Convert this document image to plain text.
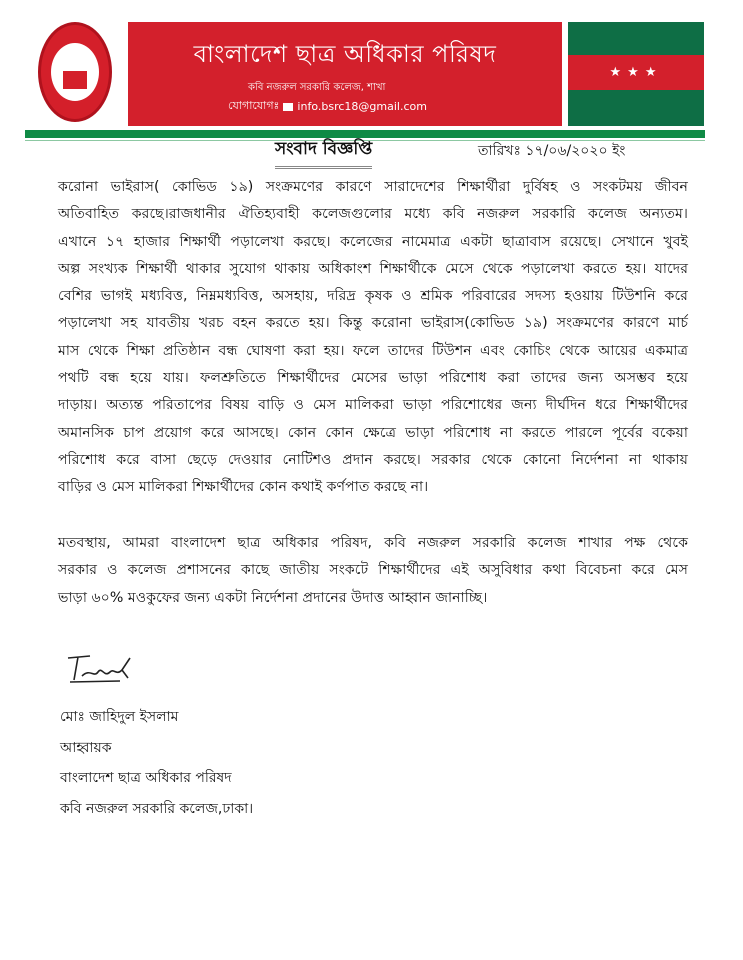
বাংলাদেশ ছাত্র অধিকার পরিষদ
কবি নজরুল সরকারি কলেজ, শাখা
যোগাযোগঃ info.bsrc18@gmail.com
★★★
সংবাদ বিজ্ঞপ্তি	তারিখঃ ১৭/০৬/২০২০ ইং
করোনা ভাইরাস( কোভিড ১৯) সংক্রমণের কারণে সারাদেশের শিক্ষার্থীরা দুর্বিষহ ও সংকটময় জীবন
অতিবাহিত করছে।রাজধানীর ঐতিহ্যবাহী কলেজগুলোর মধ্যে কবি নজরুল সরকারি কলেজ অন্যতম।
এখানে ১৭ হাজার শিক্ষার্থী পড়ালেখা করছে। কলেজের নামেমাত্র একটা ছাত্রাবাস রয়েছে। সেখানে খুবই
অল্প সংখ্যক শিক্ষার্থী থাকার সুযোগ থাকায় অধিকাংশ শিক্ষার্থীকে মেসে থেকে পড়ালেখা করতে হয়। যাদের
বেশির ভাগই মধ্যবিত্ত, নিম্নমধ্যবিত্ত, অসহায়, দরিদ্র কৃষক ও শ্রমিক পরিবারের সদস্য হওয়ায় টিউশনি করে
পড়ালেখা সহ যাবতীয় খরচ বহন করতে হয়। কিন্তু করোনা ভাইরাস(কোভিড ১৯) সংক্রমণের কারণে মার্চ
মাস থেকে শিক্ষা প্রতিষ্ঠান বন্ধ ঘোষণা করা হয়। ফলে তাদের টিউশন এবং কোচিং থেকে আয়ের একমাত্র
পথটি বন্ধ হয়ে যায়। ফলশ্রুতিতে শিক্ষার্থীদের মেসের ভাড়া পরিশোধ করা তাদের জন্য অসম্ভব হয়ে
দাড়ায়। অত্যন্ত পরিতাপের বিষয় বাড়ি ও মেস মালিকরা ভাড়া পরিশোধের জন্য দীর্ঘদিন ধরে শিক্ষার্থীদের
অমানসিক চাপ প্রয়োগ করে আসছে। কোন কোন ক্ষেত্রে ভাড়া পরিশোধ না করতে পারলে পূর্বের বকেয়া
পরিশোধ করে বাসা ছেড়ে দেওয়ার নোটিশও প্রদান করছে। সরকার থেকে কোনো নির্দেশনা না থাকায়
বাড়ির ও মেস মালিকরা শিক্ষার্থীদের কোন কথাই কর্ণপাত করছে না।
মতবস্থায়, আমরা বাংলাদেশ ছাত্র অধিকার পরিষদ, কবি নজরুল সরকারি কলেজ শাখার পক্ষ থেকে
সরকার ও কলেজ প্রশাসনের কাছে জাতীয় সংকটে শিক্ষার্থীদের এই অসুবিধার কথা বিবেচনা করে মেস
ভাড়া ৬০% মওকুফের জন্য একটা নির্দেশনা প্রদানের উদাত্ত আহ্বান জানাচ্ছি।
মোঃ জাহিদুল ইসলাম
আহ্বায়ক
বাংলাদেশ ছাত্র অধিকার পরিষদ
কবি নজরুল সরকারি কলেজ,ঢাকা।
